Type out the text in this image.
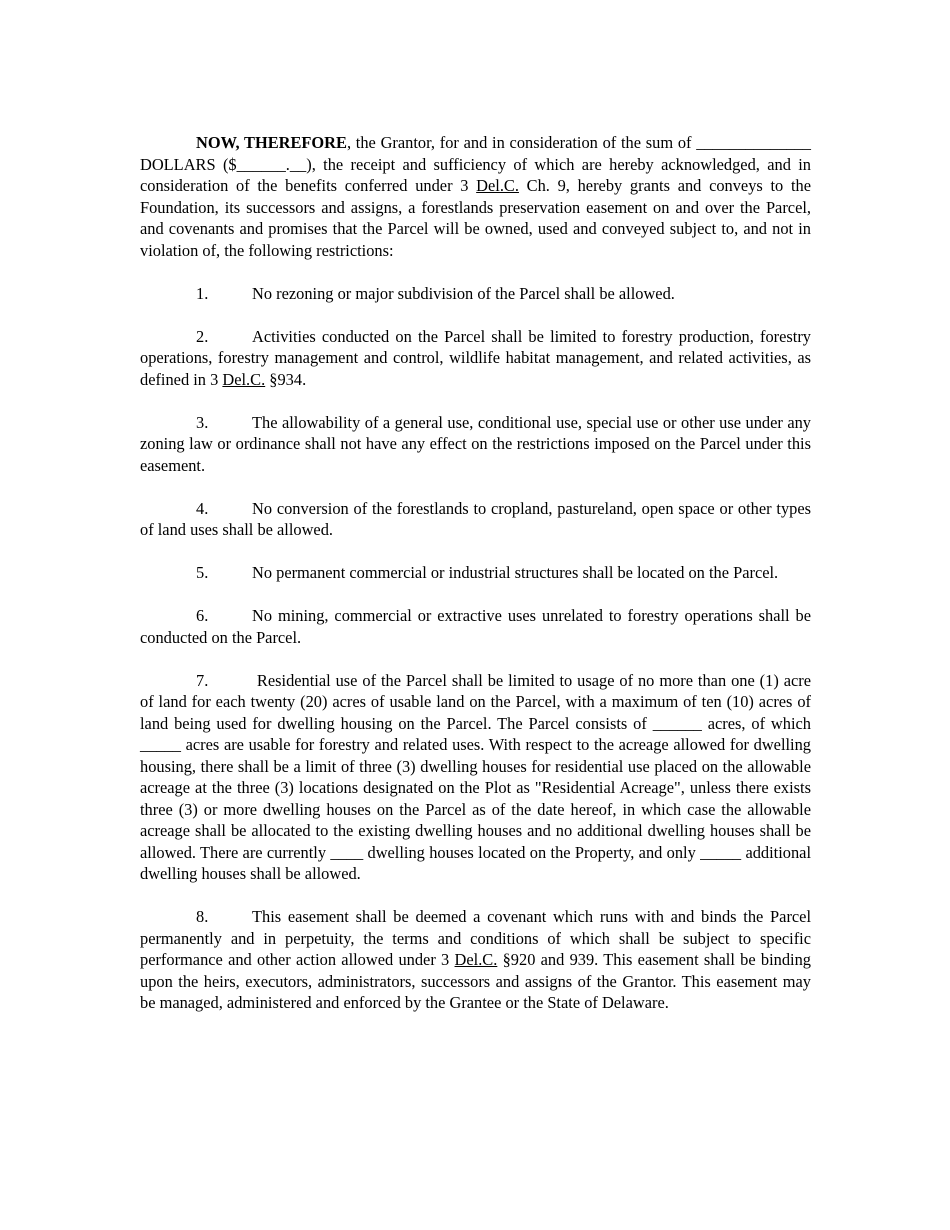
NOW, THEREFORE, the Grantor, for and in consideration of the sum of ______________ DOLLARS ($______.__), the receipt and sufficiency of which are hereby acknowledged, and in consideration of the benefits conferred under 3 Del.C. Ch. 9, hereby grants and conveys to the Foundation, its successors and assigns, a forestlands preservation easement on and over the Parcel, and covenants and promises that the Parcel will be owned, used and conveyed subject to, and not in violation of, the following restrictions:

1.	No rezoning or major subdivision of the Parcel shall be allowed.

2.	Activities conducted on the Parcel shall be limited to forestry production, forestry operations, forestry management and control, wildlife habitat management, and related activities, as defined in 3 Del.C. §934.

3.	The allowability of a general use, conditional use, special use or other use under any zoning law or ordinance shall not have any effect on the restrictions imposed on the Parcel under this easement.

4.	No conversion of the forestlands to cropland, pastureland, open space or other types of land uses shall be allowed.

5.	No permanent commercial or industrial structures shall be located on the Parcel.

6.	No mining, commercial or extractive uses unrelated to forestry operations shall be conducted on the Parcel.

7.	Residential use of the Parcel shall be limited to usage of no more than one (1) acre of land for each twenty (20) acres of usable land on the Parcel, with a maximum of ten (10) acres of land being used for dwelling housing on the Parcel. The Parcel consists of ______ acres, of which _____ acres are usable for forestry and related uses. With respect to the acreage allowed for dwelling housing, there shall be a limit of three (3) dwelling houses for residential use placed on the allowable acreage at the three (3) locations designated on the Plot as "Residential Acreage", unless there exists three (3) or more dwelling houses on the Parcel as of the date hereof, in which case the allowable acreage shall be allocated to the existing dwelling houses and no additional dwelling houses shall be allowed. There are currently ____ dwelling houses located on the Property, and only _____ additional dwelling houses shall be allowed.

8.	This easement shall be deemed a covenant which runs with and binds the Parcel permanently and in perpetuity, the terms and conditions of which shall be subject to specific performance and other action allowed under 3 Del.C. §920 and 939. This easement shall be binding upon the heirs, executors, administrators, successors and assigns of the Grantor. This easement may be managed, administered and enforced by the Grantee or the State of Delaware.
